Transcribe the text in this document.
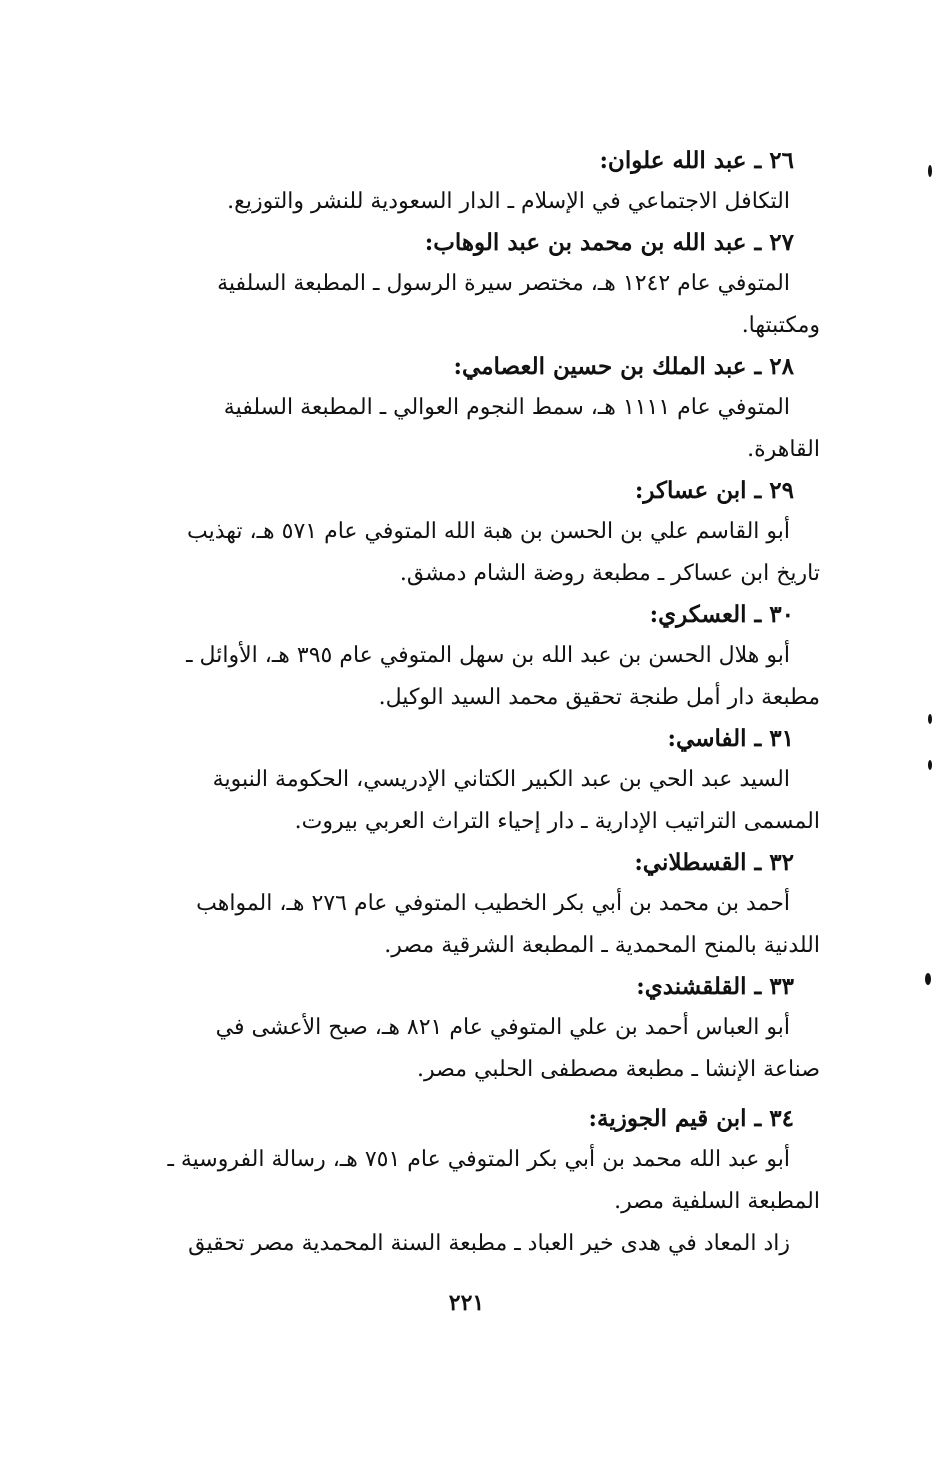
٢٦ ـ عبد الله علوان:

التكافل الاجتماعي في الإسلام ـ الدار السعودية للنشر والتوزيع.

٢٧ ـ عبد الله بن محمد بن عبد الوهاب:

المتوفي عام ١٢٤٢ هـ، مختصر سيرة الرسول ـ المطبعة السلفية

ومكتبتها.

٢٨ ـ عبد الملك بن حسين العصامي:

المتوفي عام ١١١١ هـ، سمط النجوم العوالي ـ المطبعة السلفية

القاهرة.

٢٩ ـ ابن عساكر:

أبو القاسم علي بن الحسن بن هبة الله المتوفي عام ٥٧١ هـ، تهذيب

تاريخ ابن عساكر ـ مطبعة روضة الشام دمشق.

٣٠ ـ العسكري:

أبو هلال الحسن بن عبد الله بن سهل المتوفي عام ٣٩٥ هـ، الأوائل ـ

مطبعة دار أمل طنجة تحقيق محمد السيد الوكيل.

٣١ ـ الفاسي:

السيد عبد الحي بن عبد الكبير الكتاني الإدريسي، الحكومة النبوية

المسمى التراتيب الإدارية ـ دار إحياء التراث العربي بيروت.

٣٢ ـ القسطلاني:

أحمد بن محمد بن أبي بكر الخطيب المتوفي عام ٢٧٦ هـ، المواهب

اللدنية بالمنح المحمدية ـ المطبعة الشرقية مصر.

٣٣ ـ القلقشندي:

أبو العباس أحمد بن علي المتوفي عام ٨٢١ هـ، صبح الأعشى في

صناعة الإنشا ـ مطبعة مصطفى الحلبي مصر.

٣٤ ـ ابن قيم الجوزية:

أبو عبد الله محمد بن أبي بكر المتوفي عام ٧٥١ هـ، رسالة الفروسية ـ

المطبعة السلفية مصر.

زاد المعاد في هدى خير العباد ـ مطبعة السنة المحمدية مصر تحقيق

٢٢١
